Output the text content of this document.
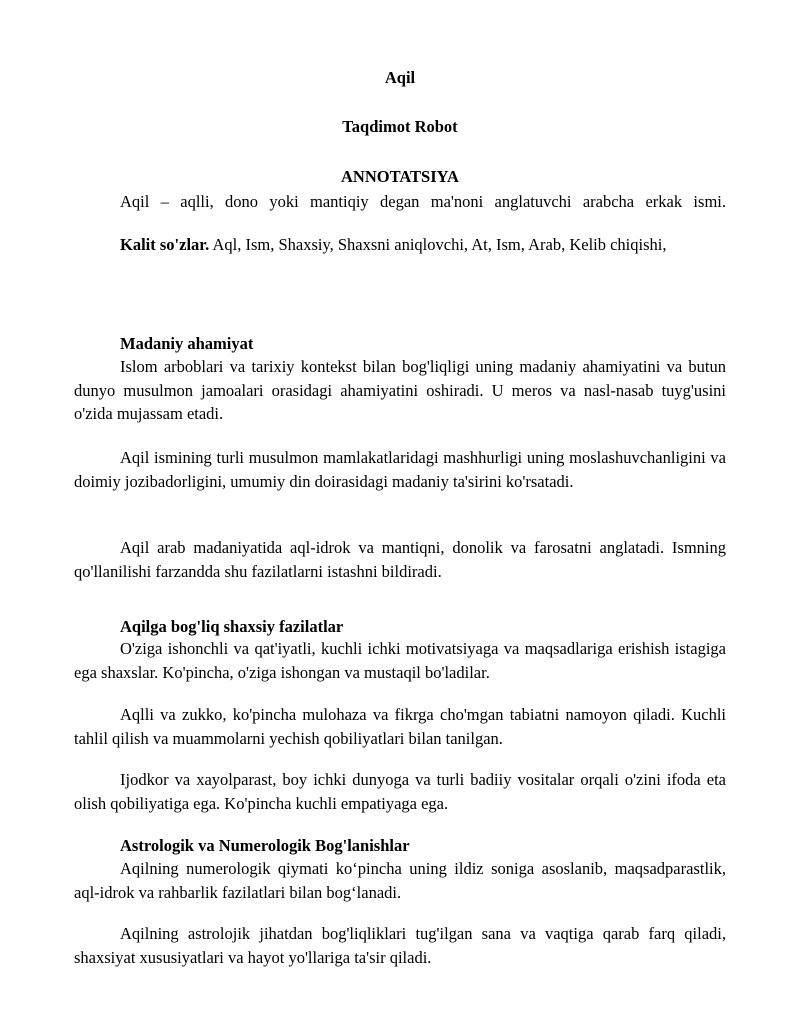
Aqil
Taqdimot Robot
ANNOTATSIYA
Aqil – aqlli, dono yoki mantiqiy degan ma'noni anglatuvchi arabcha erkak ismi.
Kalit so'zlar. Aql, Ism, Shaxsiy, Shaxsni aniqlovchi, At, Ism, Arab, Kelib chiqishi,
Madaniy ahamiyat
Islom arboblari va tarixiy kontekst bilan bog'liqligi uning madaniy ahamiyatini va butun dunyo musulmon jamoalari orasidagi ahamiyatini oshiradi. U meros va nasl-nasab tuyg'usini o'zida mujassam etadi.
Aqil ismining turli musulmon mamlakatlaridagi mashhurligi uning moslashuvchanligini va doimiy jozibadorligini, umumiy din doirasidagi madaniy ta'sirini ko'rsatadi.
Aqil arab madaniyatida aql-idrok va mantiqni, donolik va farosatni anglatadi. Ismning qo'llanilishi farzandda shu fazilatlarni istashni bildiradi.
Aqilga bog'liq shaxsiy fazilatlar
O'ziga ishonchli va qat'iyatli, kuchli ichki motivatsiyaga va maqsadlariga erishish istagiga ega shaxslar. Ko'pincha, o'ziga ishongan va mustaqil bo'ladilar.
Aqlli va zukko, ko'pincha mulohaza va fikrga cho'mgan tabiatni namoyon qiladi. Kuchli tahlil qilish va muammolarni yechish qobiliyatlari bilan tanilgan.
Ijodkor va xayolparast, boy ichki dunyoga va turli badiiy vositalar orqali o'zini ifoda eta olish qobiliyatiga ega. Ko'pincha kuchli empatiyaga ega.
Astrologik va Numerologik Bog'lanishlar
Aqilning numerologik qiymati ko‘pincha uning ildiz soniga asoslanib, maqsadparastlik, aql-idrok va rahbarlik fazilatlari bilan bog‘lanadi.
Aqilning astrolojik jihatdan bog'liqliklari tug'ilgan sana va vaqtiga qarab farq qiladi, shaxsiyat xususiyatlari va hayot yo'llariga ta'sir qiladi.
